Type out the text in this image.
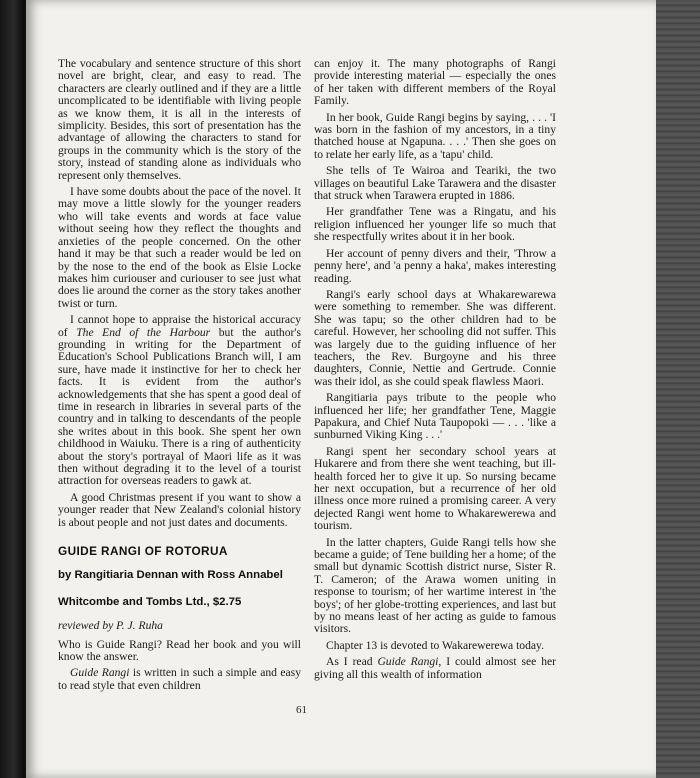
The vocabulary and sentence structure of this short novel are bright, clear, and easy to read. The characters are clearly outlined and if they are a little uncomplicated to be identifiable with living people as we know them, it is all in the interests of simplicity. Besides, this sort of presentation has the advantage of allowing the characters to stand for groups in the community which is the story of the story, instead of standing alone as individuals who represent only themselves.

I have some doubts about the pace of the novel. It may move a little slowly for the younger readers who will take events and words at face value without seeing how they reflect the thoughts and anxieties of the people concerned. On the other hand it may be that such a reader would be led on by the nose to the end of the book as Elsie Locke makes him curiouser and curiouser to see just what does lie around the corner as the story takes another twist or turn.

I cannot hope to appraise the historical accuracy of The End of the Harbour but the author's grounding in writing for the Department of Education's School Publications Branch will, I am sure, have made it instinctive for her to check her facts. It is evident from the author's acknowledgements that she has spent a good deal of time in research in libraries in several parts of the country and in talking to descendants of the people she writes about in this book. She spent her own childhood in Waiuku. There is a ring of authenticity about the story's portrayal of Maori life as it was then without degrading it to the level of a tourist attraction for overseas readers to gawk at.

A good Christmas present if you want to show a younger reader that New Zealand's colonial history is about people and not just dates and documents.

GUIDE RANGI OF ROTORUA
by Rangitiaria Dennan with Ross Annabel
Whitcombe and Tombs Ltd., $2.75
reviewed by P. J. Ruha

Who is Guide Rangi? Read her book and you will know the answer.

Guide Rangi is written in such a simple and easy to read style that even children

can enjoy it. The many photographs of Rangi provide interesting material — especially the ones of her taken with different members of the Royal Family.

In her book, Guide Rangi begins by saying, . . . 'I was born in the fashion of my ancestors, in a tiny thatched house at Ngapuna. . . .' Then she goes on to relate her early life, as a 'tapu' child.

She tells of Te Wairoa and Teariki, the two villages on beautiful Lake Tarawera and the disaster that struck when Tarawera erupted in 1886.

Her grandfather Tene was a Ringatu, and his religion influenced her younger life so much that she respectfully writes about it in her book.

Her account of penny divers and their, 'Throw a penny here', and 'a penny a haka', makes interesting reading.

Rangi's early school days at Whakarewarewa were something to remember. She was different. She was tapu; so the other children had to be careful. However, her schooling did not suffer. This was largely due to the guiding influence of her teachers, the Rev. Burgoyne and his three daughters, Connie, Nettie and Gertrude. Connie was their idol, as she could speak flawless Maori.

Rangitiaria pays tribute to the people who influenced her life; her grandfather Tene, Maggie Papakura, and Chief Nuta Taupopoki — . . . 'like a sunburned Viking King . . .'

Rangi spent her secondary school years at Hukarere and from there she went teaching, but ill-health forced her to give it up. So nursing became her next occupation, but a recurrence of her old illness once more ruined a promising career. A very dejected Rangi went home to Whakarewerewa and tourism.

In the latter chapters, Guide Rangi tells how she became a guide; of Tene building her a home; of the small but dynamic Scottish district nurse, Sister R. T. Cameron; of the Arawa women uniting in response to tourism; of her wartime interest in 'the boys'; of her globe-trotting experiences, and last but by no means least of her acting as guide to famous visitors.

Chapter 13 is devoted to Wakarewerewa today.

As I read Guide Rangi, I could almost see her giving all this wealth of information

61
